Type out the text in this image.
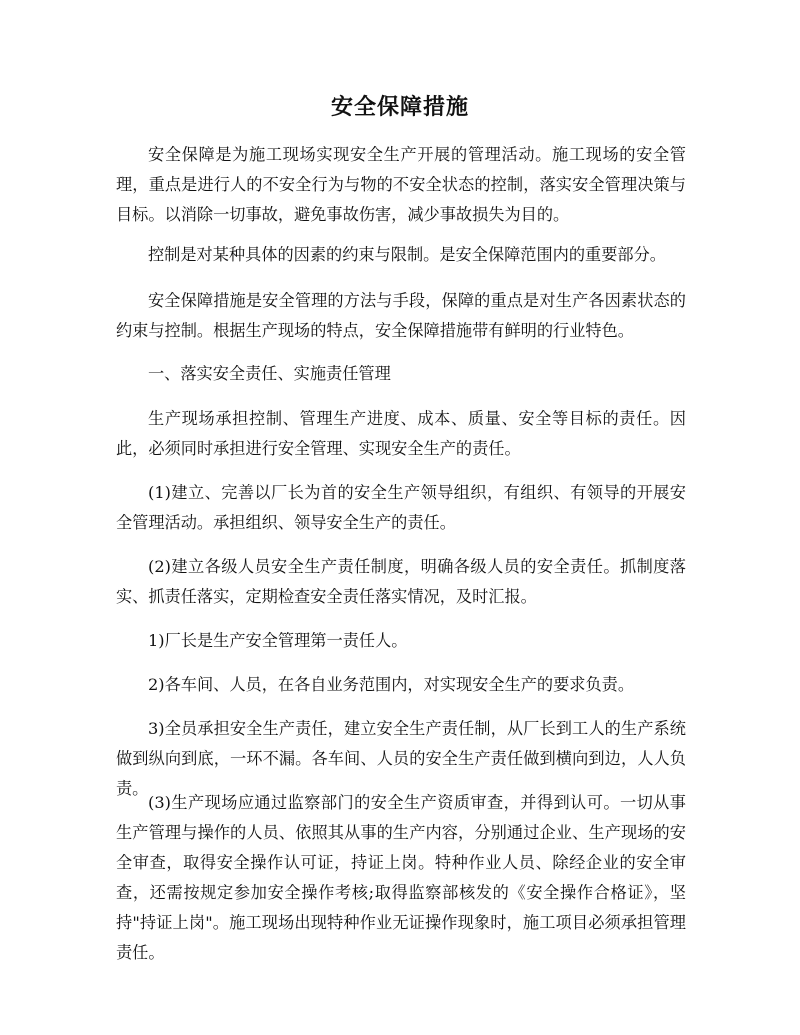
安全保障措施
安全保障是为施工现场实现安全生产开展的管理活动。施工现场的安全管理，重点是进行人的不安全行为与物的不安全状态的控制，落实安全管理决策与目标。以消除一切事故，避免事故伤害，减少事故损失为目的。
控制是对某种具体的因素的约束与限制。是安全保障范围内的重要部分。
安全保障措施是安全管理的方法与手段，保障的重点是对生产各因素状态的约束与控制。根据生产现场的特点，安全保障措施带有鲜明的行业特色。
一、落实安全责任、实施责任管理
生产现场承担控制、管理生产进度、成本、质量、安全等目标的责任。因此，必须同时承担进行安全管理、实现安全生产的责任。
(1)建立、完善以厂长为首的安全生产领导组织，有组织、有领导的开展安全管理活动。承担组织、领导安全生产的责任。
(2)建立各级人员安全生产责任制度，明确各级人员的安全责任。抓制度落实、抓责任落实，定期检查安全责任落实情况，及时汇报。
1)厂长是生产安全管理第一责任人。
2)各车间、人员，在各自业务范围内，对实现安全生产的要求负责。
3)全员承担安全生产责任，建立安全生产责任制，从厂长到工人的生产系统做到纵向到底，一环不漏。各车间、人员的安全生产责任做到横向到边，人人负责。
(3)生产现场应通过监察部门的安全生产资质审查，并得到认可。一切从事生产管理与操作的人员、依照其从事的生产内容，分别通过企业、生产现场的安全审查，取得安全操作认可证，持证上岗。特种作业人员、除经企业的安全审查，还需按规定参加安全操作考核;取得监察部核发的《安全操作合格证》，坚持"持证上岗"。施工现场出现特种作业无证操作现象时，施工项目必须承担管理责任。
